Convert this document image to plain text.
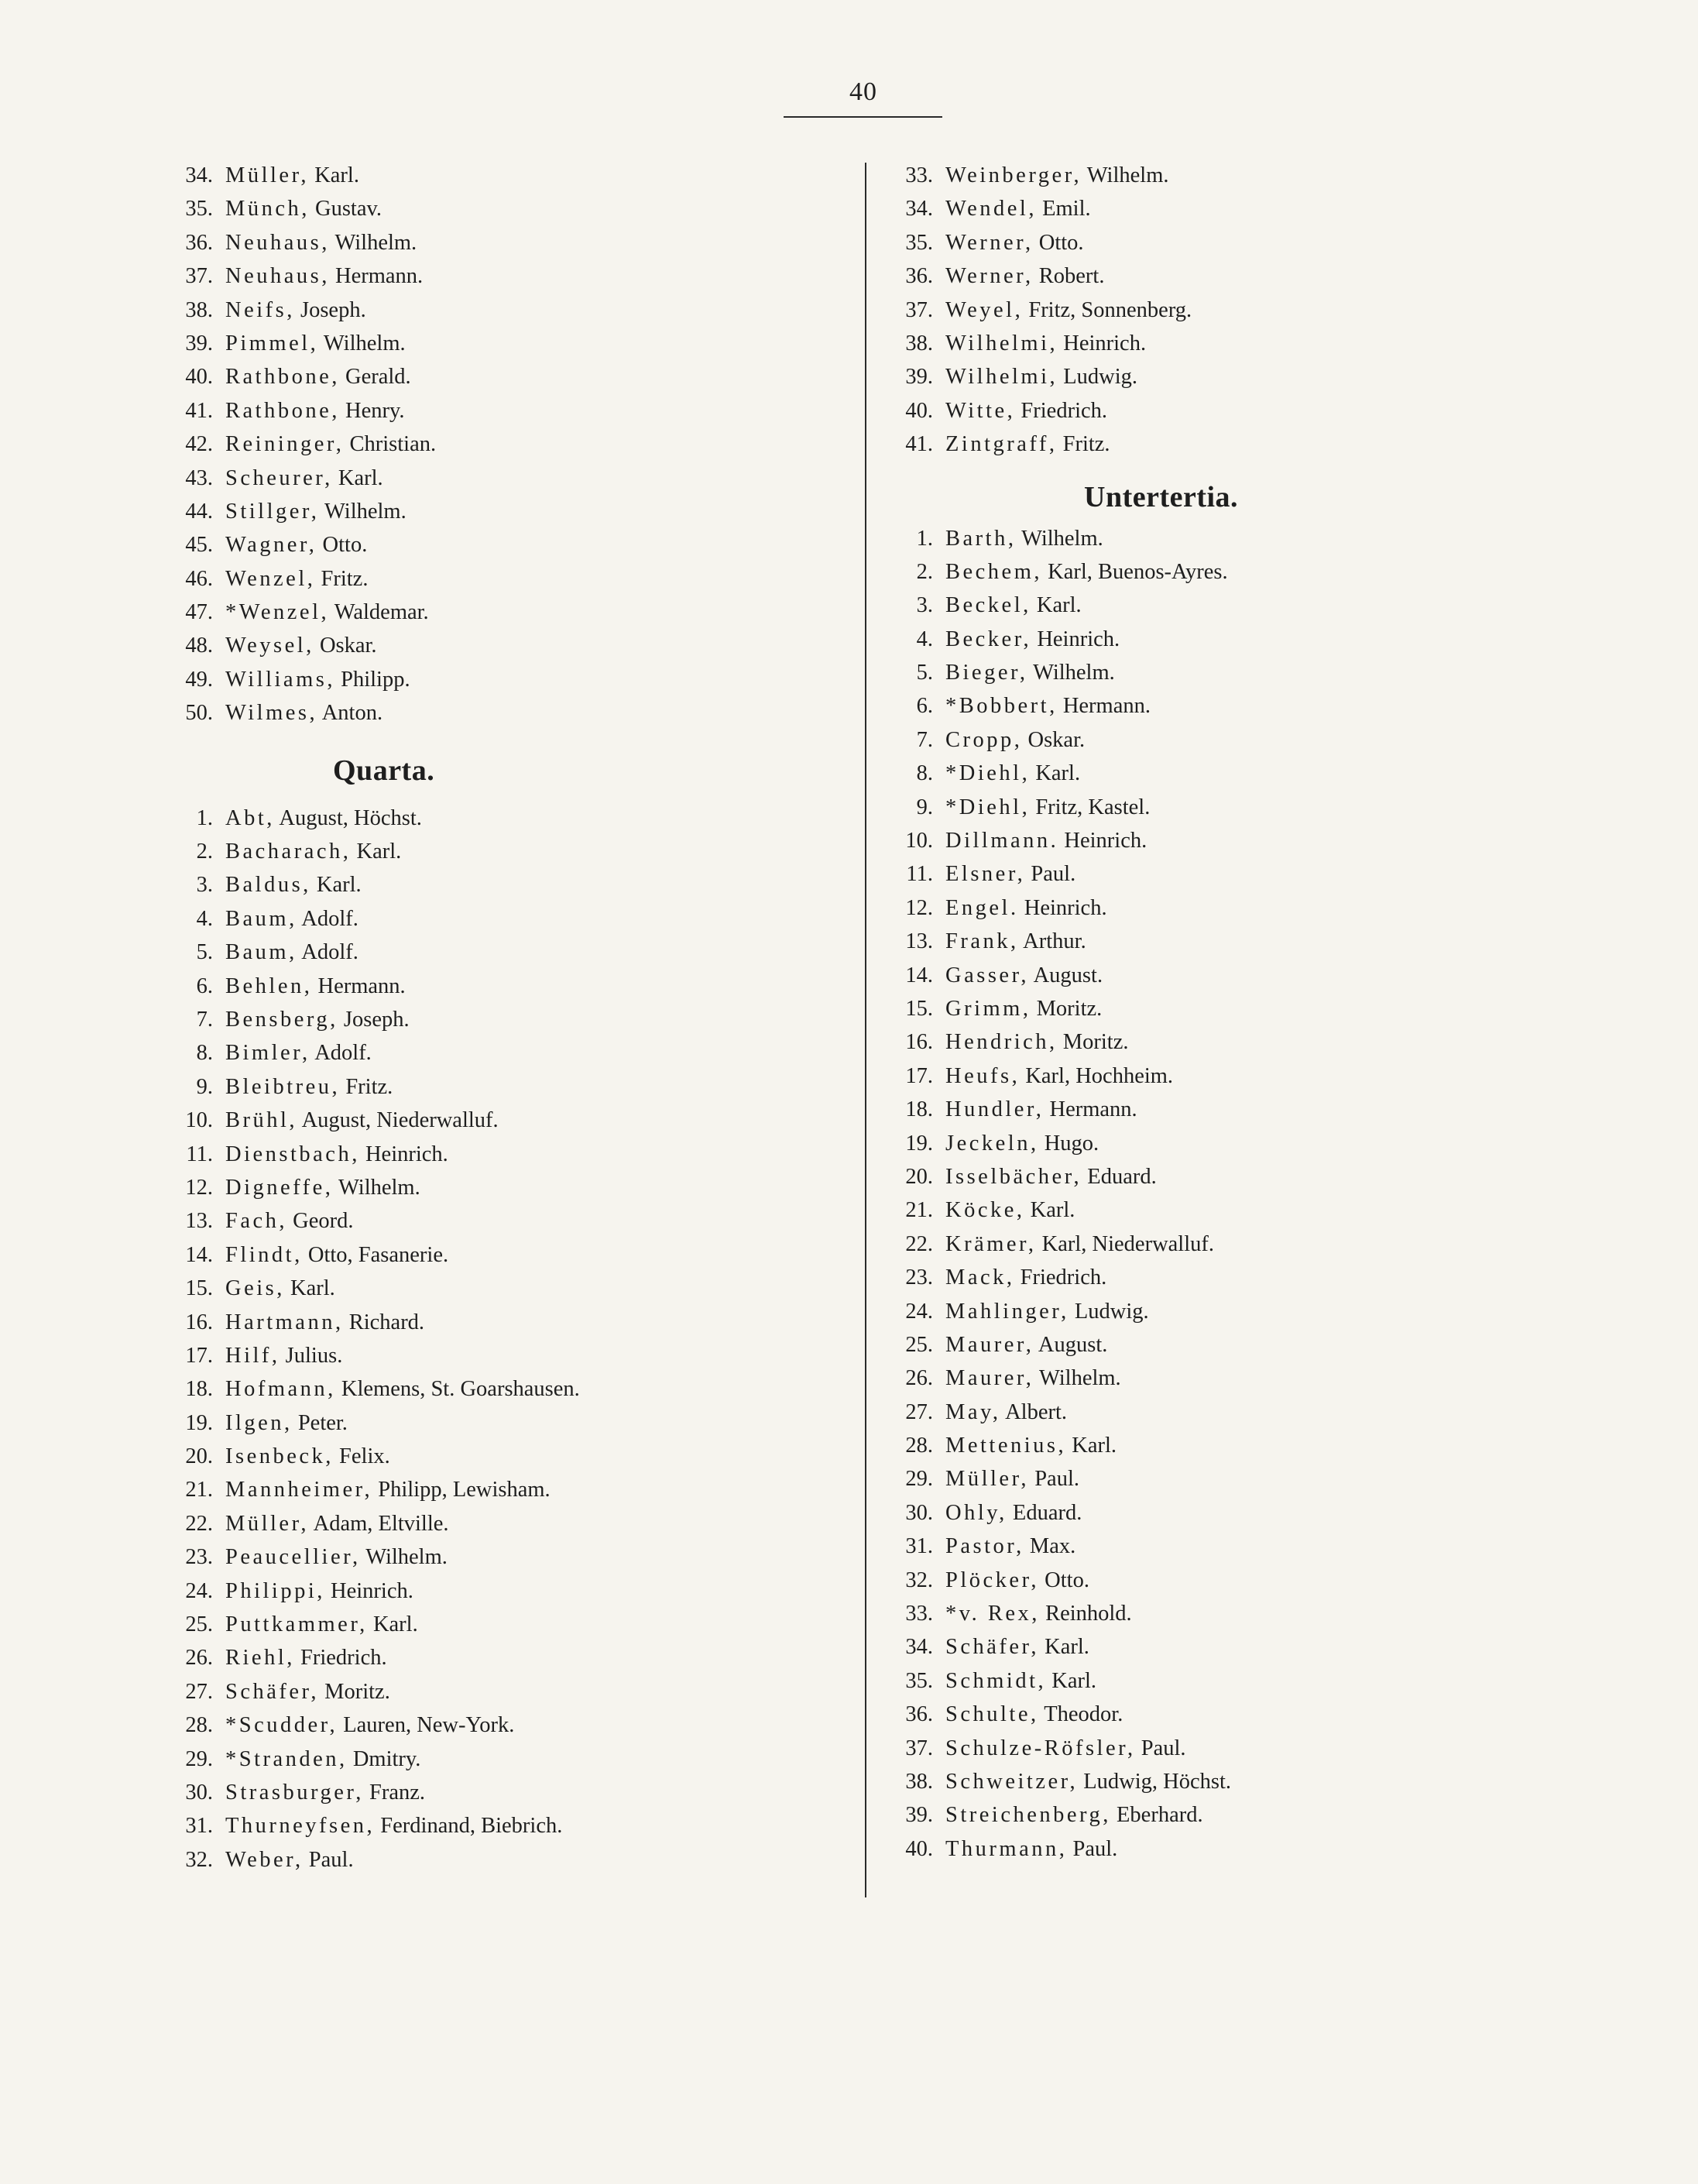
40
34. Müller, Karl.
35. Münch, Gustav.
36. Neuhaus, Wilhelm.
37. Neuhaus, Hermann.
38. Neifs, Joseph.
39. Pimmel, Wilhelm.
40. Rathbone, Gerald.
41. Rathbone, Henry.
42. Reininger, Christian.
43. Scheurer, Karl.
44. Stillger, Wilhelm.
45. Wagner, Otto.
46. Wenzel, Fritz.
47. *Wenzel, Waldemar.
48. Weysel, Oskar.
49. Williams, Philipp.
50. Wilmes, Anton.
Quarta.
1. Abt, August, Höchst.
2. Bacharach, Karl.
3. Baldus, Karl.
4. Baum, Adolf.
5. Baum, Adolf.
6. Behlen, Hermann.
7. Bensberg, Joseph.
8. Bimler, Adolf.
9. Bleibtreu, Fritz.
10. Brühl, August, Niederwalluf.
11. Dienstbach, Heinrich.
12. Digneffe, Wilhelm.
13. Fach, Geord.
14. Flindt, Otto, Fasanerie.
15. Geis, Karl.
16. Hartmann, Richard.
17. Hilf, Julius.
18. Hofmann, Klemens, St. Goarshausen.
19. Ilgen, Peter.
20. Isenbeck, Felix.
21. Mannheimer, Philipp, Lewisham.
22. Müller, Adam, Eltville.
23. Peaucellier, Wilhelm.
24. Philippi, Heinrich.
25. Puttkammer, Karl.
26. Riehl, Friedrich.
27. Schäfer, Moritz.
28. *Scudder, Lauren, New-York.
29. *Stranden, Dmitry.
30. Strasburger, Franz.
31. Thurneyfsen, Ferdinand, Biebrich.
32. Weber, Paul.
33. Weinberger, Wilhelm.
34. Wendel, Emil.
35. Werner, Otto.
36. Werner, Robert.
37. Weyel, Fritz, Sonnenberg.
38. Wilhelmi, Heinrich.
39. Wilhelmi, Ludwig.
40. Witte, Friedrich.
41. Zintgraff, Fritz.
Untertertia.
1. Barth, Wilhelm.
2. Bechem, Karl, Buenos-Ayres.
3. Beckel, Karl.
4. Becker, Heinrich.
5. Bieger, Wilhelm.
6. *Bobbert, Hermann.
7. Cropp, Oskar.
8. *Diehl, Karl.
9. *Diehl, Fritz, Kastel.
10. Dillmann. Heinrich.
11. Elsner, Paul.
12. Engel. Heinrich.
13. Frank, Arthur.
14. Gasser, August.
15. Grimm, Moritz.
16. Hendrich, Moritz.
17. Heufs, Karl, Hochheim.
18. Hundler, Hermann.
19. Jeckeln, Hugo.
20. Isselbächer, Eduard.
21. Köcke, Karl.
22. Krämer, Karl, Niederwalluf.
23. Mack, Friedrich.
24. Mahlinger, Ludwig.
25. Maurer, August.
26. Maurer, Wilhelm.
27. May, Albert.
28. Mettenius, Karl.
29. Müller, Paul.
30. Ohly, Eduard.
31. Pastor, Max.
32. Plöcker, Otto.
33. *v. Rex, Reinhold.
34. Schäfer, Karl.
35. Schmidt, Karl.
36. Schulte, Theodor.
37. Schulze-Röfsler, Paul.
38. Schweitzer, Ludwig, Höchst.
39. Streichenberg, Eberhard.
40. Thurmann, Paul.
